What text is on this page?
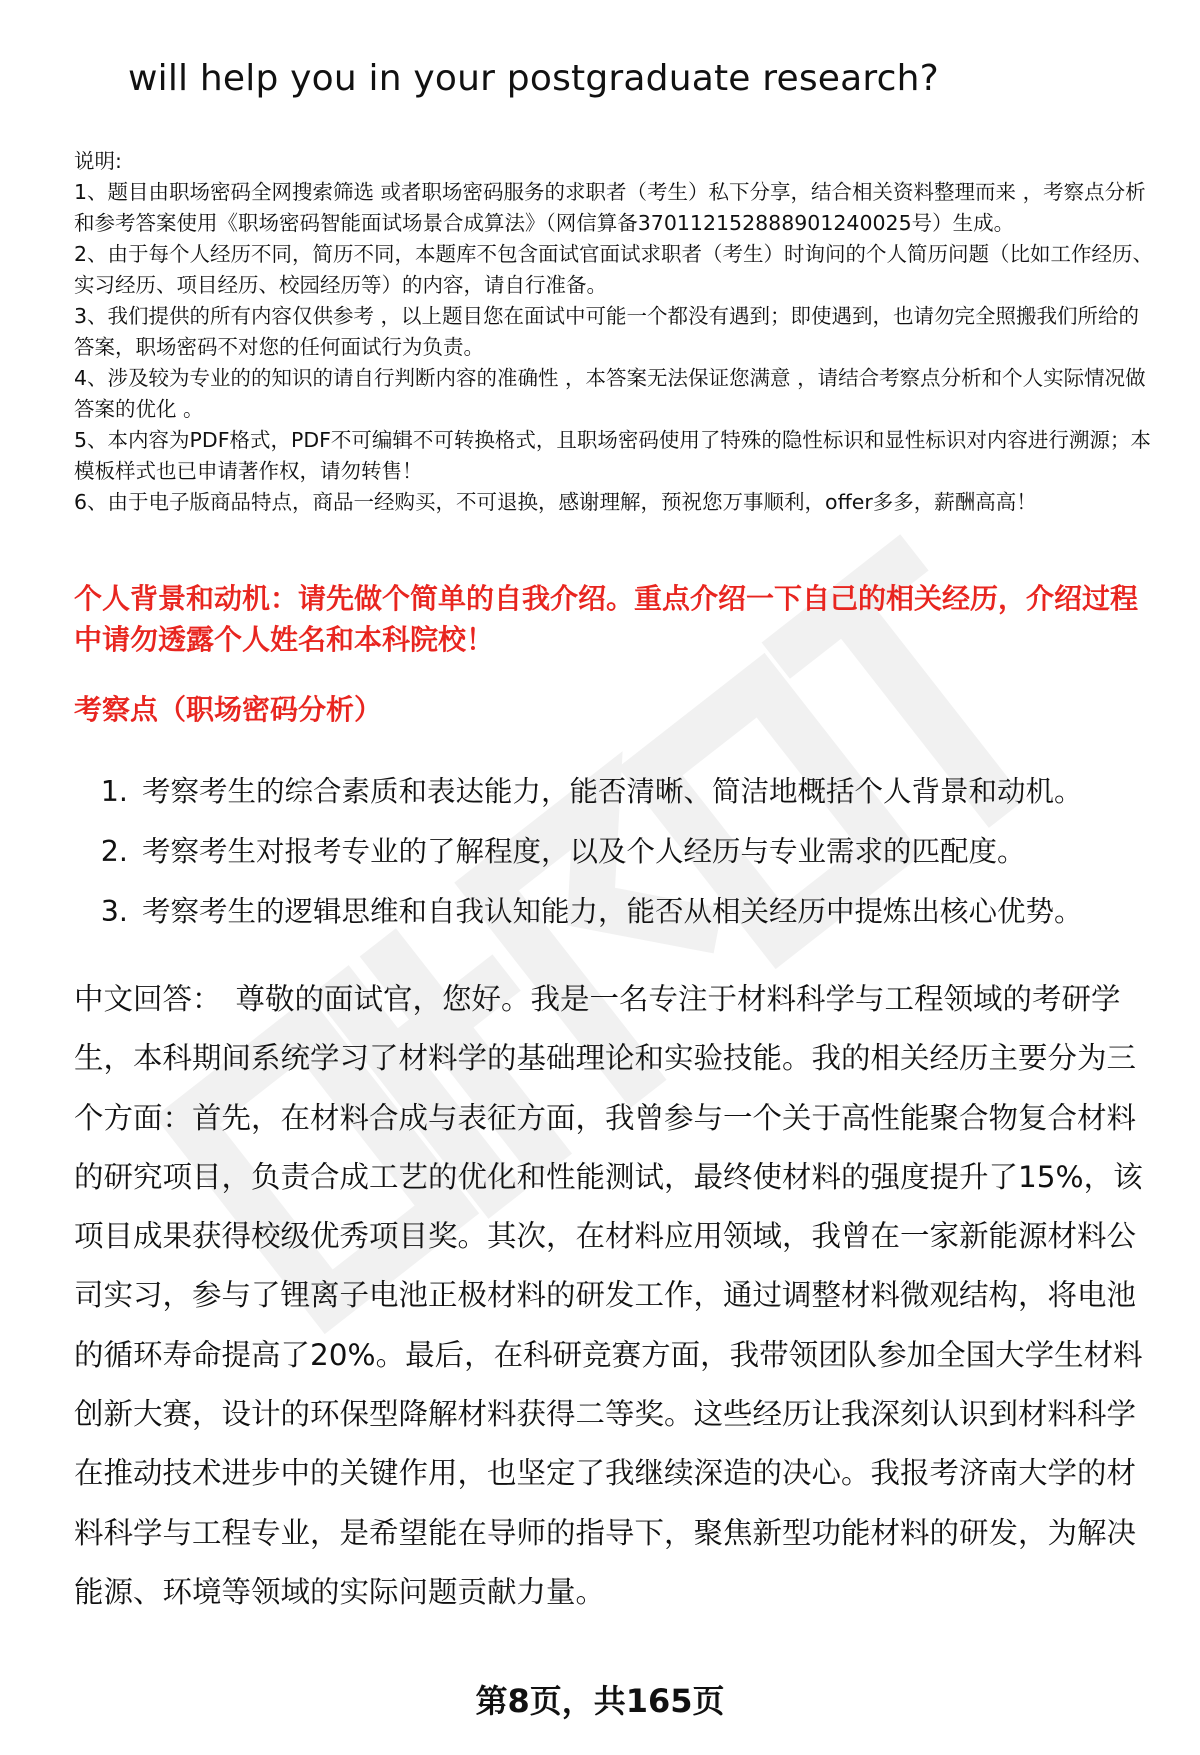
will help you in your postgraduate research?

说明:

1、题目由职场密码全网搜索筛选 或者职场密码服务的求职者（考生）私下分享，结合相关资料整理而来 ，考察点分析和参考答案使用《职场密码智能面试场景合成算法》（网信算备370112152888901240025号）生成。

2、由于每个人经历不同，简历不同，本题库不包含面试官面试求职者（考生）时询问的个人简历问题（比如工作经历、实习经历、项目经历、校园经历等）的内容，请自行准备。

3、我们提供的所有内容仅供参考 ，以上题目您在面试中可能一个都没有遇到；即使遇到，也请勿完全照搬我们所给的答案，职场密码不对您的任何面试行为负责。

4、涉及较为专业的的知识的请自行判断内容的准确性 ，本答案无法保证您满意 ，请结合考察点分析和个人实际情况做答案的优化 。

5、本内容为PDF格式，PDF不可编辑不可转换格式，且职场密码使用了特殊的隐性标识和显性标识对内容进行溯源；本模板样式也已申请著作权，请勿转售！

6、由于电子版商品特点，商品一经购买，不可退换，感谢理解，预祝您万事顺利，offer多多，薪酬高高！

个人背景和动机：请先做个简单的自我介绍。重点介绍一下自己的相关经历，介绍过程中请勿透露个人姓名和本科院校！
考察点（职场密码分析）
1. 考察考生的综合素质和表达能力，能否清晰、简洁地概括个人背景和动机。
2. 考察考生对报考专业的了解程度，以及个人经历与专业需求的匹配度。
3. 考察考生的逻辑思维和自我认知能力，能否从相关经历中提炼出核心优势。

中文回答： 尊敬的面试官，您好。我是一名专注于材料科学与工程领域的考研学生，本科期间系统学习了材料学的基础理论和实验技能。我的相关经历主要分为三个方面：首先，在材料合成与表征方面，我曾参与一个关于高性能聚合物复合材料的研究项目，负责合成工艺的优化和性能测试，最终使材料的强度提升了15%，该项目成果获得校级优秀项目奖。其次，在材料应用领域，我曾在一家新能源材料公司实习，参与了锂离子电池正极材料的研发工作，通过调整材料微观结构，将电池的循环寿命提高了20%。最后，在科研竞赛方面，我带领团队参加全国大学生材料创新大赛，设计的环保型降解材料获得二等奖。这些经历让我深刻认识到材料科学在推动技术进步中的关键作用，也坚定了我继续深造的决心。我报考济南大学的材料科学与工程专业，是希望能在导师的指导下，聚焦新型功能材料的研发，为解决能源、环境等领域的实际问题贡献力量。

第8页，共165页
